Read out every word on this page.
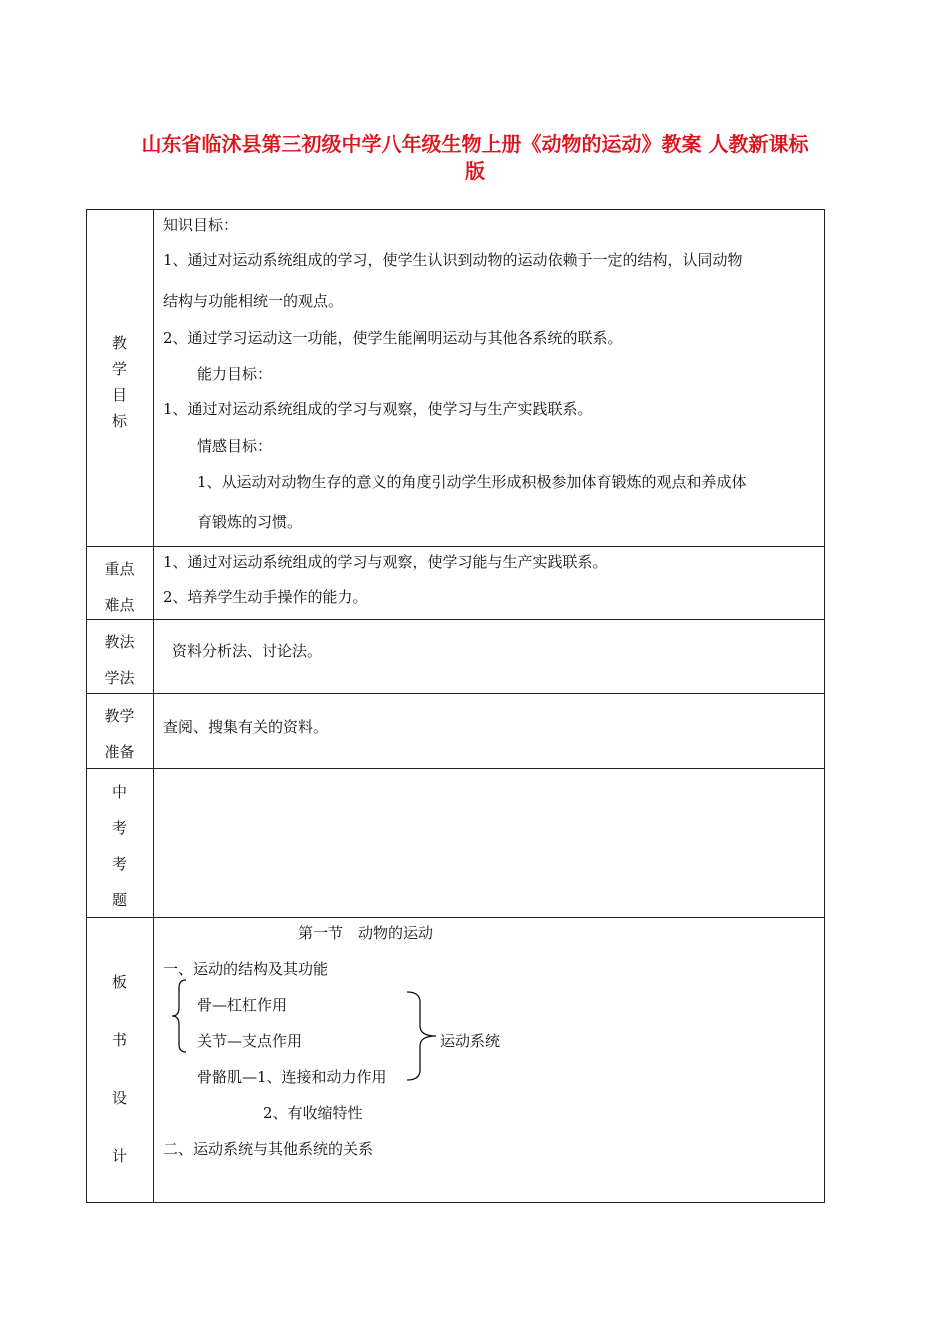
山东省临沭县第三初级中学八年级生物上册《动物的运动》教案 人教新课标
版
教
学
目
标
知识目标：
1、通过对运动系统组成的学习，使学生认识到动物的运动依赖于一定的结构，认同动物
结构与功能相统一的观点。
2、通过学习运动这一功能，使学生能阐明运动与其他各系统的联系。
能力目标：
1、通过对运动系统组成的学习与观察，使学习与生产实践联系。
情感目标：
1、从运动对动物生存的意义的角度引动学生形成积极参加体育锻炼的观点和养成体
育锻炼的习惯。
重点
难点
1、通过对运动系统组成的学习与观察，使学习能与生产实践联系。
2、培养学生动手操作的能力。
教法
学法
资料分析法、讨论法。
教学
准备
查阅、搜集有关的资料。
中
考
考
题
板
书
设
计
第一节　动物的运动
一、运动的结构及其功能
骨—杠杠作用
关节—支点作用
骨骼肌—1、连接和动力作用
2、有收缩特性
运动系统
二、运动系统与其他系统的关系
